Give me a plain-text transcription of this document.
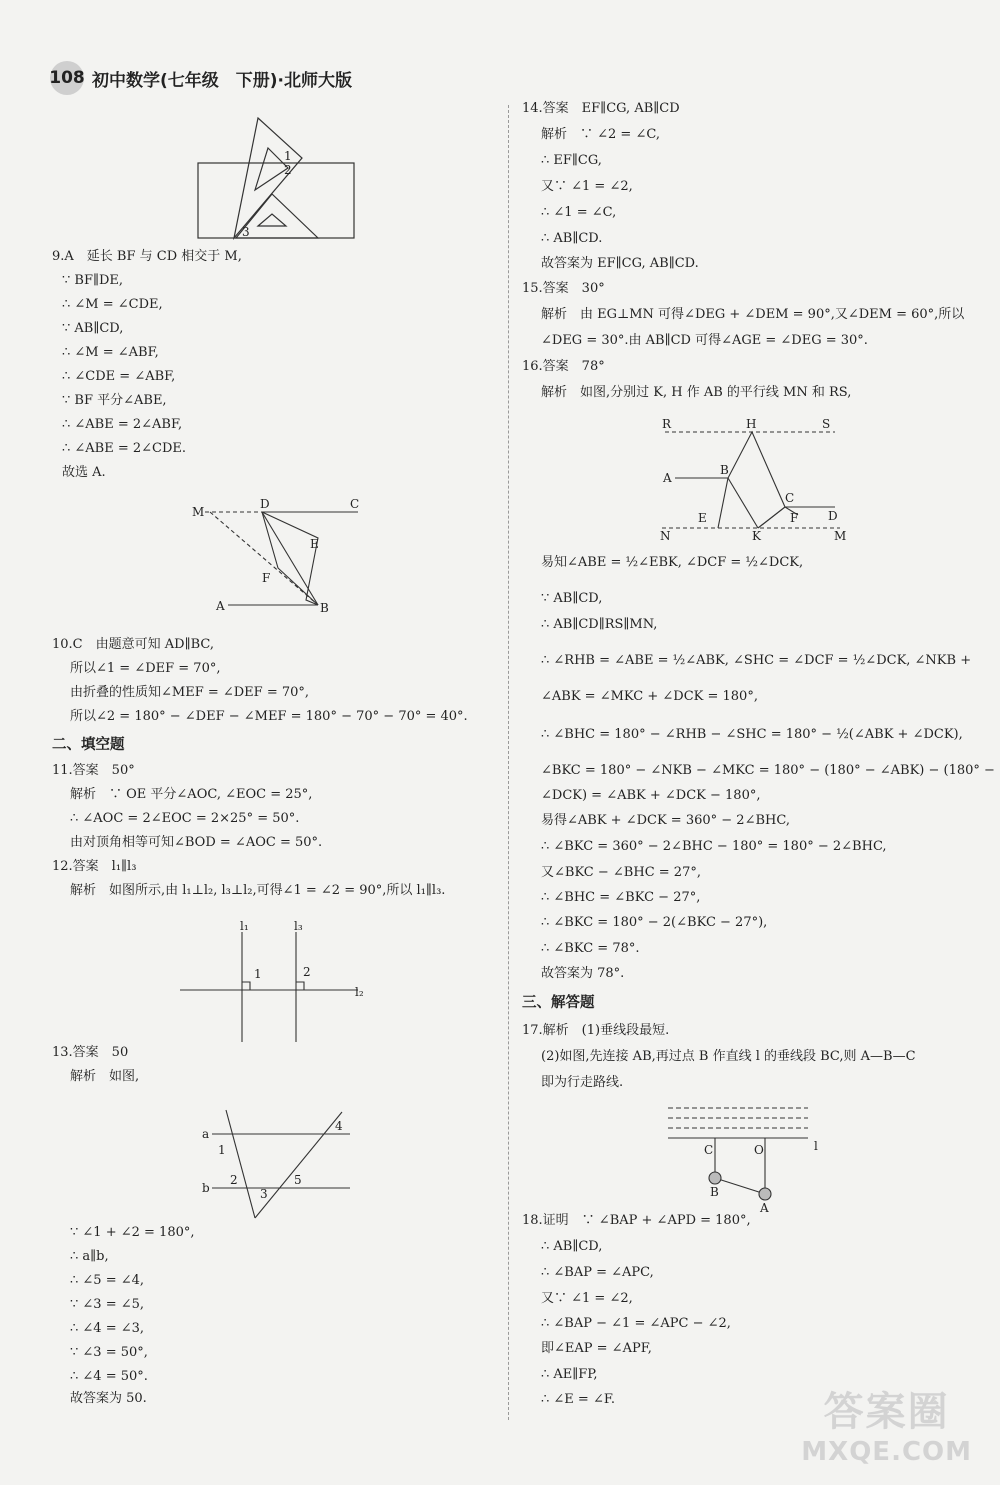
108 初中数学(七年级　下册)·北师大版
9.A　延长 BF 与 CD 相交于 M,
∵ BF∥DE,
∴ ∠M = ∠CDE,
∵ AB∥CD,
∴ ∠M = ∠ABF,
∴ ∠CDE = ∠ABF,
∵ BF 平分∠ABE,
∴ ∠ABE = 2∠ABF,
∴ ∠ABE = 2∠CDE.
故选 A.
10.C　由题意可知 AD∥BC,
所以∠1 = ∠DEF = 70°,
由折叠的性质知∠MEF = ∠DEF = 70°,
所以∠2 = 180° − ∠DEF − ∠MEF = 180° − 70° − 70° = 40°.
二、填空题
11.答案　50°
解析　∵ OE 平分∠AOC, ∠EOC = 25°,
∴ ∠AOC = 2∠EOC = 2×25° = 50°.
由对顶角相等可知∠BOD = ∠AOC = 50°.
12.答案　l₁∥l₃
解析　如图所示,由 l₁⊥l₂, l₃⊥l₂,可得∠1 = ∠2 = 90°,所以 l₁∥l₃.
13.答案　50
解析　如图,
∵ ∠1 + ∠2 = 180°,
∴ a∥b,
∴ ∠5 = ∠4,
∵ ∠3 = ∠5,
∴ ∠4 = ∠3,
∵ ∠3 = 50°,
∴ ∠4 = 50°.
故答案为 50.
14.答案　EF∥CG, AB∥CD
解析　∵ ∠2 = ∠C,
∴ EF∥CG,
又∵ ∠1 = ∠2,
∴ ∠1 = ∠C,
∴ AB∥CD.
故答案为 EF∥CG, AB∥CD.
15.答案　30°
解析　由 EG⊥MN 可得∠DEG + ∠DEM = 90°,又∠DEM = 60°,所以
∠DEG = 30°.由 AB∥CD 可得∠AGE = ∠DEG = 30°.
16.答案　78°
解析　如图,分别过 K, H 作 AB 的平行线 MN 和 RS,
易知∠ABE = ½∠EBK, ∠DCF = ½∠DCK,
∵ AB∥CD,
∴ AB∥CD∥RS∥MN,
∴ ∠RHB = ∠ABE = ½∠ABK, ∠SHC = ∠DCF = ½∠DCK, ∠NKB +
∠ABK = ∠MKC + ∠DCK = 180°,
∴ ∠BHC = 180° − ∠RHB − ∠SHC = 180° − ½(∠ABK + ∠DCK),
∠BKC = 180° − ∠NKB − ∠MKC = 180° − (180° − ∠ABK) − (180° −
∠DCK) = ∠ABK + ∠DCK − 180°,
易得∠ABK + ∠DCK = 360° − 2∠BHC,
∴ ∠BKC = 360° − 2∠BHC − 180° = 180° − 2∠BHC,
又∠BKC − ∠BHC = 27°,
∴ ∠BHC = ∠BKC − 27°,
∴ ∠BKC = 180° − 2(∠BKC − 27°),
∴ ∠BKC = 78°.
故答案为 78°.
三、解答题
17.解析　(1)垂线段最短.
(2)如图,先连接 AB,再过点 B 作直线 l 的垂线段 BC,则 A—B—C
即为行走路线.
18.证明　∵ ∠BAP + ∠APD = 180°,
∴ AB∥CD,
∴ ∠BAP = ∠APC,
又∵ ∠1 = ∠2,
∴ ∠BAP − ∠1 = ∠APC − ∠2,
即∠EAP = ∠APF,
∴ AE∥FP,
∴ ∠E = ∠F.
1
2
3
M
D	C
E
F
A	B
l₁	l₃
1	2
l₂
a
b
1
2
3
4
5
R	H	S
A
B
C
F D
E
K
N	M
C	O	l
B
A
答案圈
MXQE.COM
